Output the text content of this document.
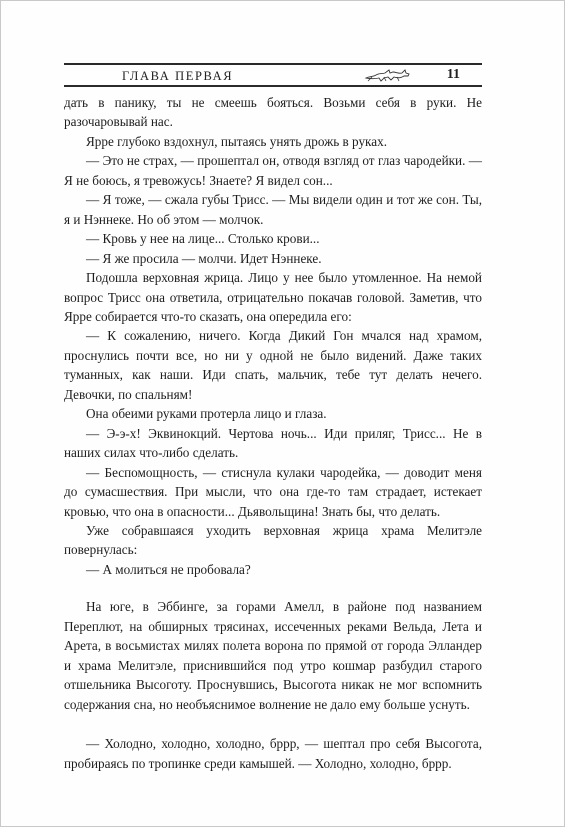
ГЛАВА ПЕРВАЯ	11

дать в панику, ты не смеешь бояться. Возьми себя в руки. Не разочаровывай нас.

Ярре глубоко вздохнул, пытаясь унять дрожь в руках.

— Это не страх, — прошептал он, отводя взгляд от глаз чародейки. — Я не боюсь, я тревожусь! Знаете? Я видел сон...

— Я тоже, — сжала губы Трисс. — Мы видели один и тот же сон. Ты, я и Нэннеке. Но об этом — молчок.

— Кровь у нее на лице... Столько крови...

— Я же просила — молчи. Идет Нэннеке.

Подошла верховная жрица. Лицо у нее было утомленное. На немой вопрос Трисс она ответила, отрицательно покачав головой. Заметив, что Ярре собирается что-то сказать, она опередила его:

— К сожалению, ничего. Когда Дикий Гон мчался над храмом, проснулись почти все, но ни у одной не было видений. Даже таких туманных, как наши. Иди спать, мальчик, тебе тут делать нечего. Девочки, по спальням!

Она обеими руками протерла лицо и глаза.

— Э-э-х! Эквинокций. Чертова ночь... Иди приляг, Трисс... Не в наших силах что-либо сделать.

— Беспомощность, — стиснула кулаки чародейка, — доводит меня до сумасшествия. При мысли, что она где-то там страдает, истекает кровью, что она в опасности... Дьявольщина! Знать бы, что делать.

Уже собравшаяся уходить верховная жрица храма Мелитэле повернулась:

— А молиться не пробовала?

На юге, в Эббинге, за горами Амелл, в районе под названием Переплют, на обширных трясинах, иссеченных реками Вельда, Лета и Арета, в восьмистах милях полета ворона по прямой от города Элландер и храма Мелитэле, приснившийся под утро кошмар разбудил старого отшельника Высоготу. Проснувшись, Высогота никак не мог вспомнить содержания сна, но необъяснимое волнение не дало ему больше уснуть.

— Холодно, холодно, холодно, бррр, — шептал про себя Высогота, пробираясь по тропинке среди камышей. — Холодно, холодно, бррр.
